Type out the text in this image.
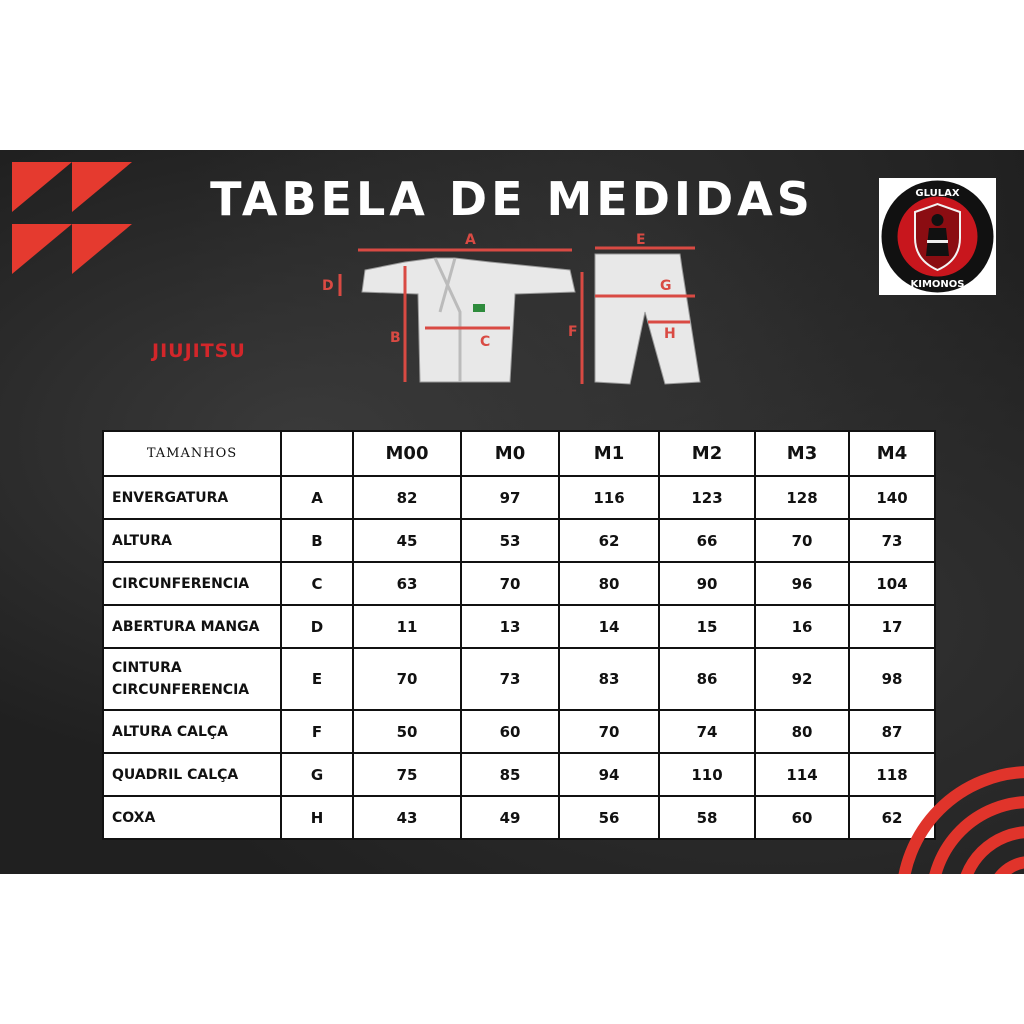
TABELA DE MEDIDAS	GLULAX
KIMONOS

JIUJITSU

A
B	C
D
E
F
G
H
TAMANHOS		M00	M0	M1	M2	M3	M4
ENVERGATURA	A	82	97	116	123	128	140
ALTURA	B	45	53	62	66	70	73
CIRCUNFERENCIA	C	63	70	80	90	96	104
ABERTURA MANGA	D	11	13	14	15	16	17
CINTURA CIRCUNFERENCIA	E	70	73	83	86	92	98
ALTURA CALÇA	F	50	60	70	74	80	87
QUADRIL CALÇA	G	75	85	94	110	114	118
COXA	H	43	49	56	58	60	62
